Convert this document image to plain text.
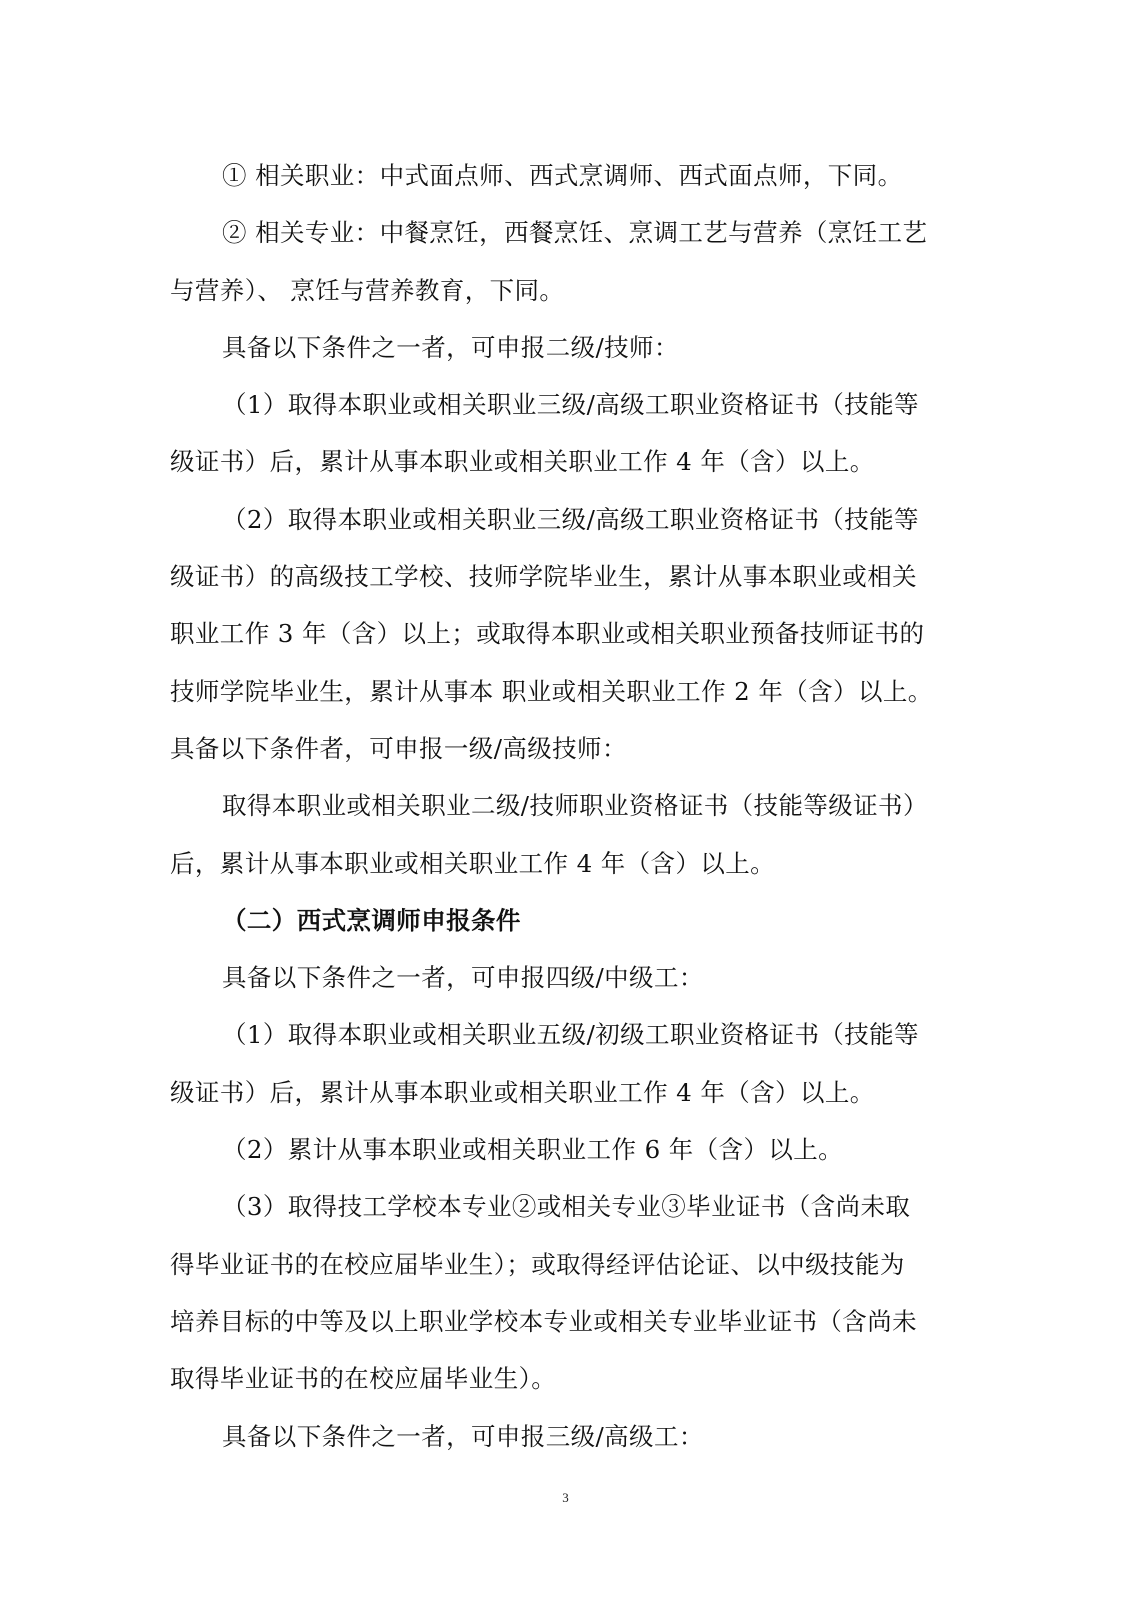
① 相关职业：中式面点师、西式烹调师、西式面点师，下同。
② 相关专业：中餐烹饪，西餐烹饪、烹调工艺与营养（烹饪工艺
与营养）、 烹饪与营养教育，下同。
具备以下条件之一者，可申报二级/技师：
（1）取得本职业或相关职业三级/高级工职业资格证书（技能等
级证书）后，累计从事本职业或相关职业工作 4 年（含）以上。
（2）取得本职业或相关职业三级/高级工职业资格证书（技能等
级证书）的高级技工学校、技师学院毕业生，累计从事本职业或相关
职业工作 3 年（含）以上；或取得本职业或相关职业预备技师证书的
技师学院毕业生，累计从事本 职业或相关职业工作 2 年（含）以上。
具备以下条件者，可申报一级/高级技师：
取得本职业或相关职业二级/技师职业资格证书（技能等级证书）
后，累计从事本职业或相关职业工作 4 年（含）以上。
（二）西式烹调师申报条件
具备以下条件之一者，可申报四级/中级工：
（1）取得本职业或相关职业五级/初级工职业资格证书（技能等
级证书）后，累计从事本职业或相关职业工作 4 年（含）以上。
（2）累计从事本职业或相关职业工作 6 年（含）以上。
（3）取得技工学校本专业②或相关专业③毕业证书（含尚未取
得毕业证书的在校应届毕业生）；或取得经评估论证、以中级技能为
培养目标的中等及以上职业学校本专业或相关专业毕业证书（含尚未
取得毕业证书的在校应届毕业生）。
具备以下条件之一者，可申报三级/高级工：
3
